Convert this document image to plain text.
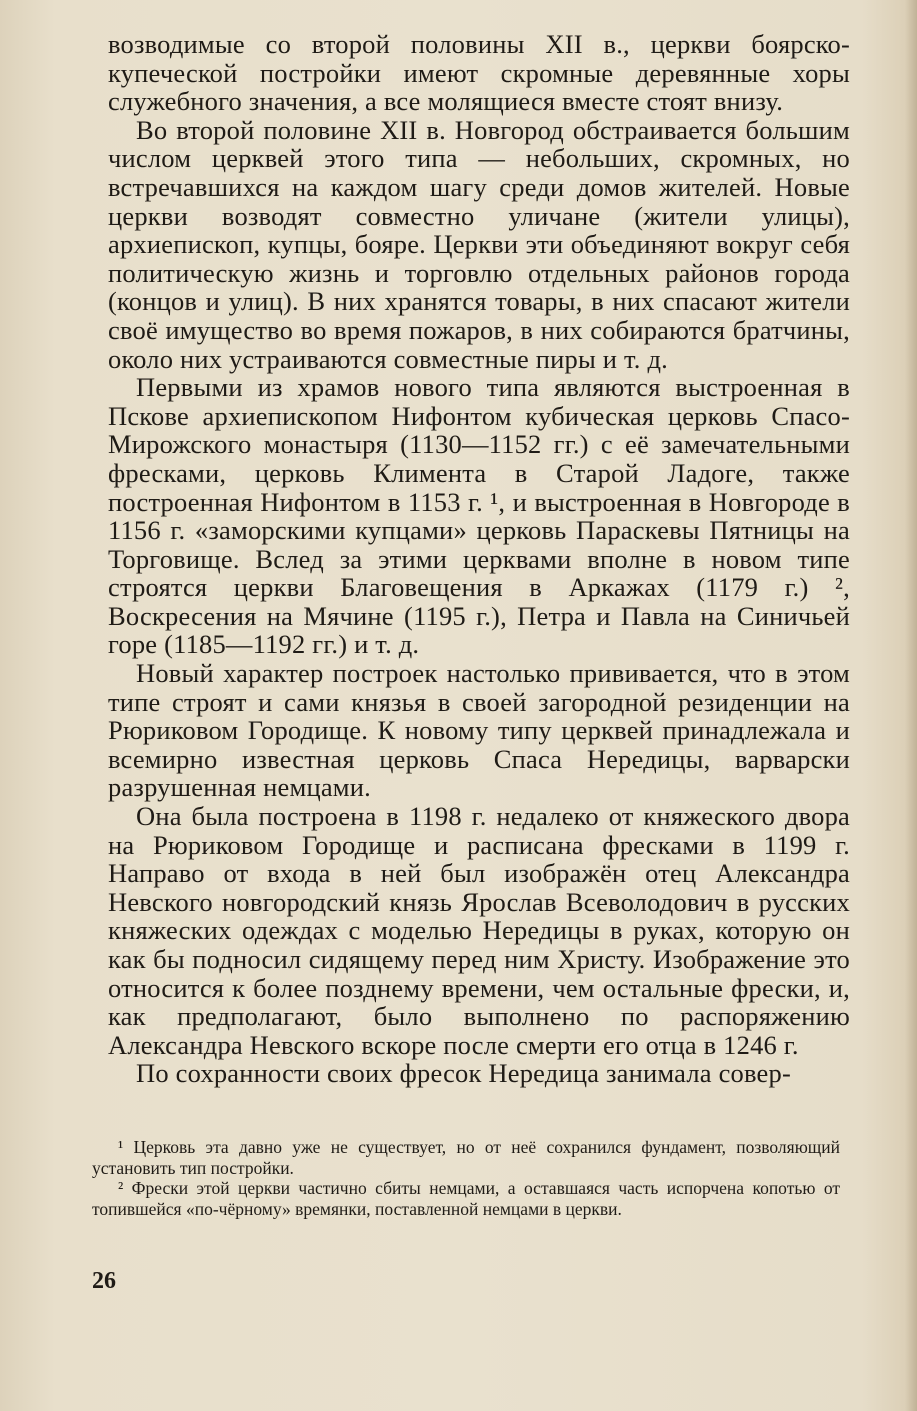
возводимые со второй половины XII в., церкви боярско-купеческой постройки имеют скромные деревянные хоры служебного значения, а все молящиеся вместе стоят внизу.

Во второй половине XII в. Новгород обстраивается большим числом церквей этого типа — небольших, скромных, но встречавшихся на каждом шагу среди домов жителей. Новые церкви возводят совместно уличане (жители улицы), архиепископ, купцы, бояре. Церкви эти объединяют вокруг себя политическую жизнь и торговлю отдельных районов города (концов и улиц). В них хранятся товары, в них спасают жители своё имущество во время пожаров, в них собираются братчины, около них устраиваются совместные пиры и т. д.

Первыми из храмов нового типа являются выстроенная в Пскове архиепископом Нифонтом кубическая церковь Спасо-Мирожского монастыря (1130—1152 гг.) с её замечательными фресками, церковь Климента в Старой Ладоге, также построенная Нифонтом в 1153 г. ¹, и выстроенная в Новгороде в 1156 г. «заморскими купцами» церковь Параскевы Пятницы на Торговище. Вслед за этими церквами вполне в новом типе строятся церкви Благовещения в Аркажах (1179 г.) ², Воскресения на Мячине (1195 г.), Петра и Павла на Синичьей горе (1185—1192 гг.) и т. д.

Новый характер построек настолько прививается, что в этом типе строят и сами князья в своей загородной резиденции на Рюриковом Городище. К новому типу церквей принадлежала и всемирно известная церковь Спаса Нередицы, варварски разрушенная немцами.

Она была построена в 1198 г. недалеко от княжеского двора на Рюриковом Городище и расписана фресками в 1199 г. Направо от входа в ней был изображён отец Александра Невского новгородский князь Ярослав Всеволодович в русских княжеских одеждах с моделью Нередицы в руках, которую он как бы подносил сидящему перед ним Христу. Изображение это относится к более позднему времени, чем остальные фрески, и, как предполагают, было выполнено по распоряжению Александра Невского вскоре после смерти его отца в 1246 г.

По сохранности своих фресок Нередица занимала совер-

¹ Церковь эта давно уже не существует, но от неё сохранился фундамент, позволяющий установить тип постройки.

² Фрески этой церкви частично сбиты немцами, а оставшаяся часть испорчена копотью от топившейся «по-чёрному» времянки, поставленной немцами в церкви.

26
